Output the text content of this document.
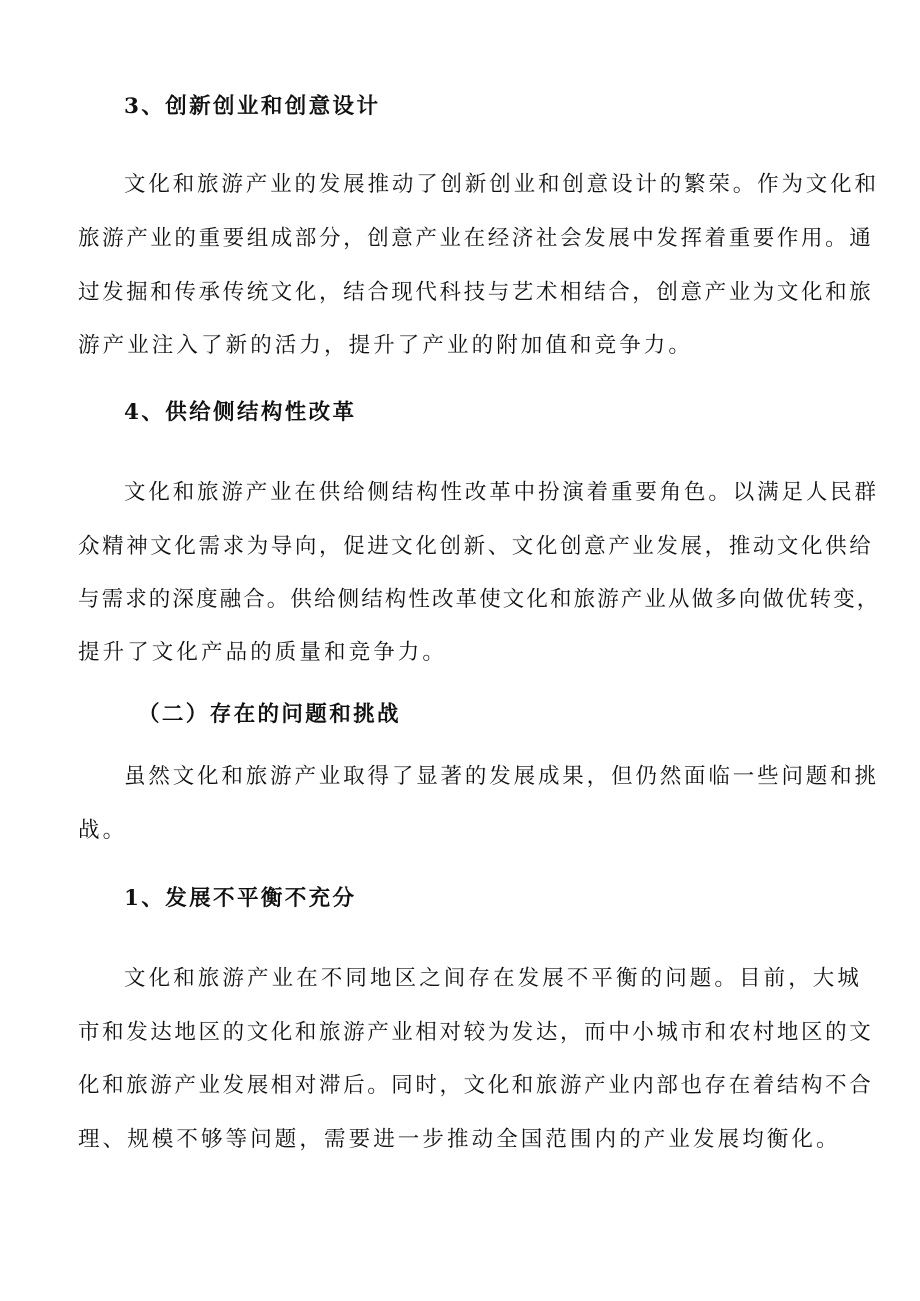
3、创新创业和创意设计

文化和旅游产业的发展推动了创新创业和创意设计的繁荣。作为文化和

旅游产业的重要组成部分，创意产业在经济社会发展中发挥着重要作用。通

过发掘和传承传统文化，结合现代科技与艺术相结合，创意产业为文化和旅

游产业注入了新的活力，提升了产业的附加值和竞争力。

4、供给侧结构性改革

文化和旅游产业在供给侧结构性改革中扮演着重要角色。以满足人民群

众精神文化需求为导向，促进文化创新、文化创意产业发展，推动文化供给

与需求的深度融合。供给侧结构性改革使文化和旅游产业从做多向做优转变，

提升了文化产品的质量和竞争力。

（二）存在的问题和挑战

虽然文化和旅游产业取得了显著的发展成果，但仍然面临一些问题和挑

战。

1、发展不平衡不充分

文化和旅游产业在不同地区之间存在发展不平衡的问题。目前，大城

市和发达地区的文化和旅游产业相对较为发达，而中小城市和农村地区的文

化和旅游产业发展相对滞后。同时，文化和旅游产业内部也存在着结构不合

理、规模不够等问题，需要进一步推动全国范围内的产业发展均衡化。
